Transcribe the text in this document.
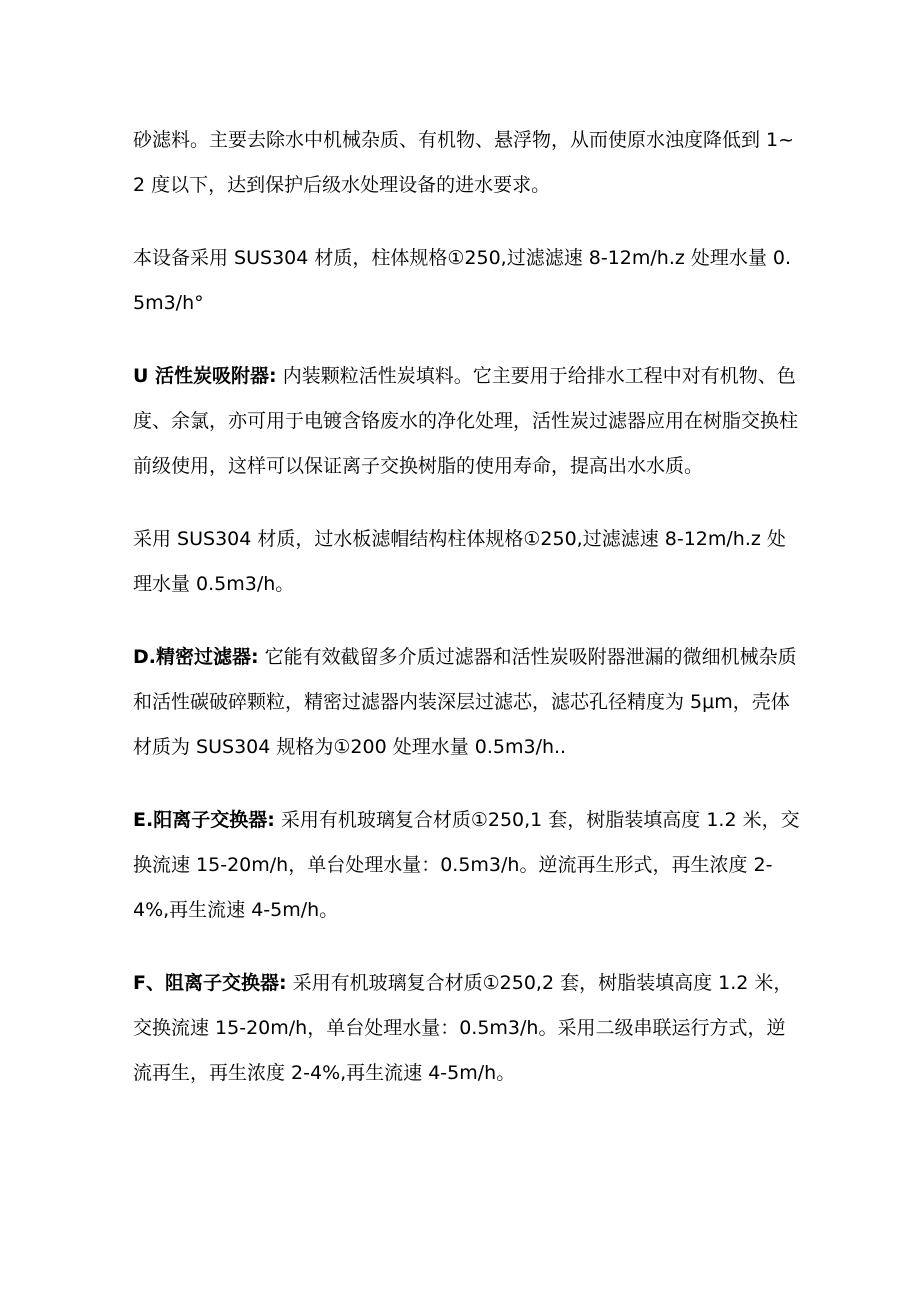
砂滤料。主要去除水中机械杂质、有机物、悬浮物，从而使原水浊度降低到 1~2 度以下，达到保护后级水处理设备的进水要求。

本设备采用 SUS304 材质，柱体规格①250,过滤滤速 8-12m∕h.z 处理水量 0.5m3∕h°

U 活性炭吸附器: 内装颗粒活性炭填料。它主要用于给排水工程中对有机物、色度、余氯，亦可用于电镀含铬废水的净化处理，活性炭过滤器应用在树脂交换柱前级使用，这样可以保证离子交换树脂的使用寿命，提高出水水质。

采用 SUS304 材质，过水板滤帽结构柱体规格①250,过滤滤速 8-12m∕h.z 处理水量 0.5m3∕h。

D.精密过滤器: 它能有效截留多介质过滤器和活性炭吸附器泄漏的微细机械杂质和活性碳破碎颗粒，精密过滤器内装深层过滤芯，滤芯孔径精度为 5μm，壳体材质为 SUS304 规格为①200 处理水量 0.5m3∕h..

E.阳离子交换器: 采用有机玻璃复合材质①250,1 套，树脂装填高度 1.2 米，交换流速 15-20m/h，单台处理水量：0.5m3∕h。逆流再生形式，再生浓度 2-4%,再生流速 4-5m∕h。

F、阻离子交换器: 采用有机玻璃复合材质①250,2 套，树脂装填高度 1.2 米， 交换流速 15-20m/h，单台处理水量：0.5m3∕h。采用二级串联运行方式，逆流再生，再生浓度 2-4%,再生流速 4-5m∕h。
